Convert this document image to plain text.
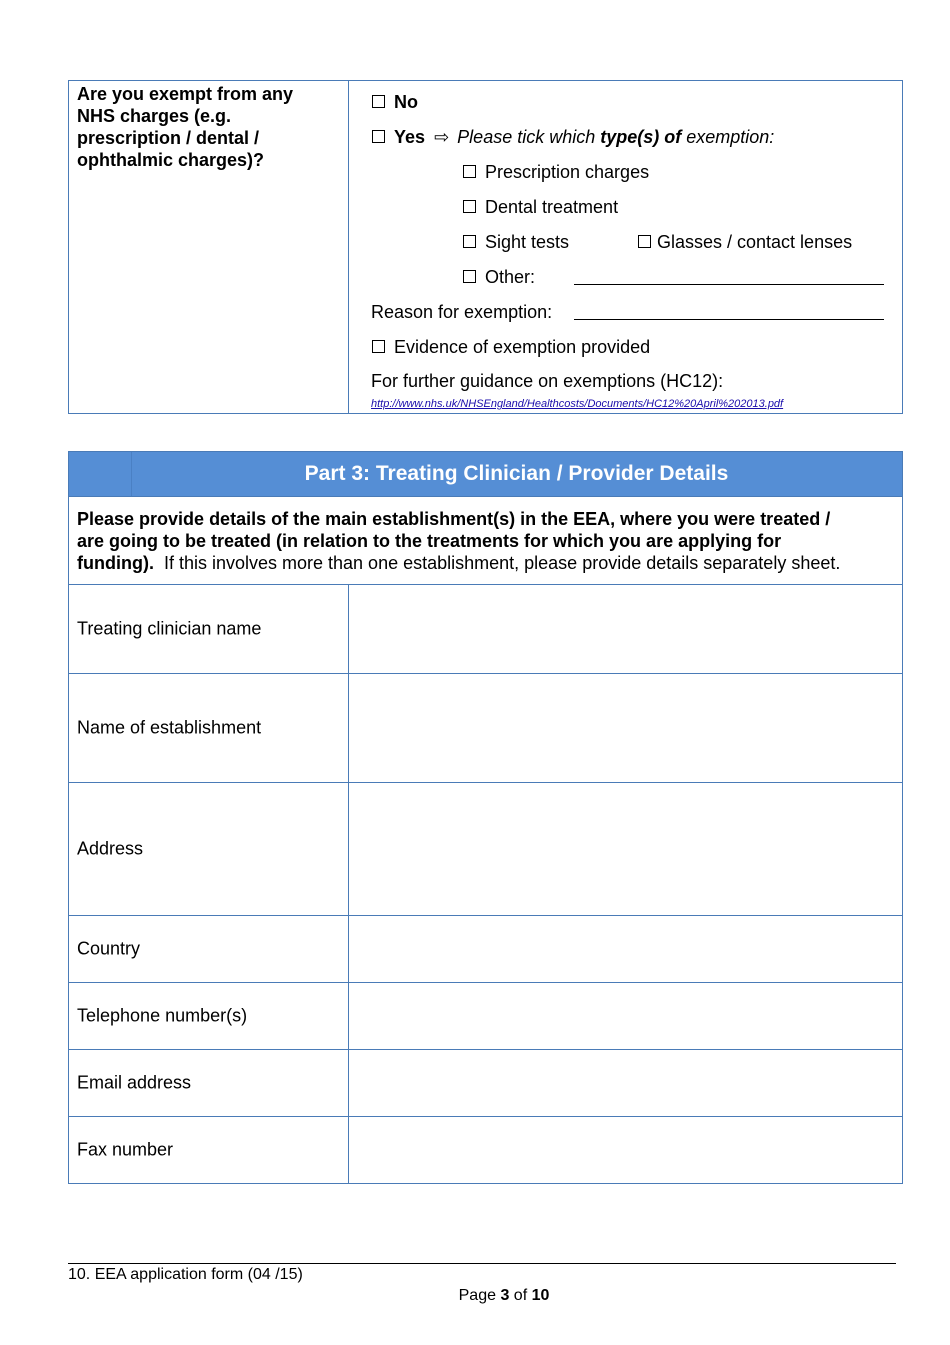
Are you exempt from any
NHS charges (e.g.
prescription / dental /
ophthalmic charges)?
No
Yes ⇨ Please tick which type(s) of exemption:
Prescription charges
Dental treatment
Sight tests	Glasses / contact lenses
Other:
Reason for exemption:
Evidence of exemption provided
For further guidance on exemptions (HC12):
http://www.nhs.uk/NHSEngland/Healthcosts/Documents/HC12%20April%202013.pdf
Part 3: Treating Clinician / Provider Details
Please provide details of the main establishment(s) in the EEA, where you were treated /
are going to be treated (in relation to the treatments for which you are applying for
funding).  If this involves more than one establishment, please provide details separately sheet.
Treating clinician name
Name of establishment
Address
Country
Telephone number(s)
Email address
Fax number
10. EEA application form (04 /15)
Page 3 of 10
